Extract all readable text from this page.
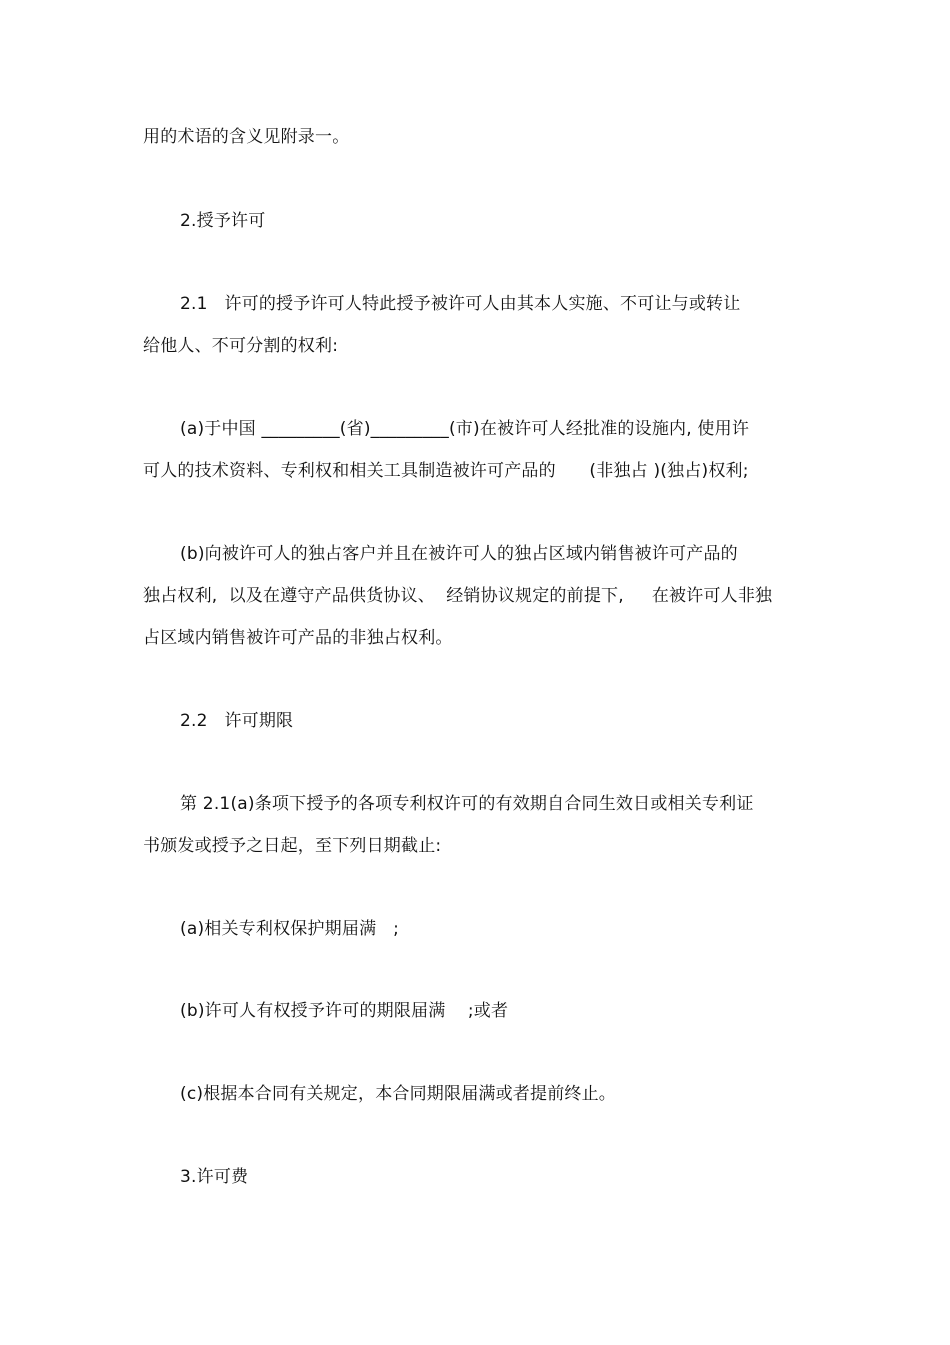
用的术语的含义见附录一。
2.授予许可
2.1   许可的授予许可人特此授予被许可人由其本人实施、不可让与或转让
给他人、不可分割的权利:
(a)于中国 _________(省)_________(市)在被许可人经批准的设施内, 使用许
可人的技术资料、专利权和相关工具制造被许可产品的      (非独占 )(独占)权利;
(b)向被许可人的独占客户并且在被许可人的独占区域内销售被许可产品的
独占权利,  以及在遵守产品供货协议、  经销协议规定的前提下,     在被许可人非独
占区域内销售被许可产品的非独占权利。
2.2   许可期限
第 2.1(a)条项下授予的各项专利权许可的有效期自合同生效日或相关专利证
书颁发或授予之日起，至下列日期截止:
(a)相关专利权保护期届满   ;
(b)许可人有权授予许可的期限届满    ;或者
(c)根据本合同有关规定，本合同期限届满或者提前终止。
3.许可费
